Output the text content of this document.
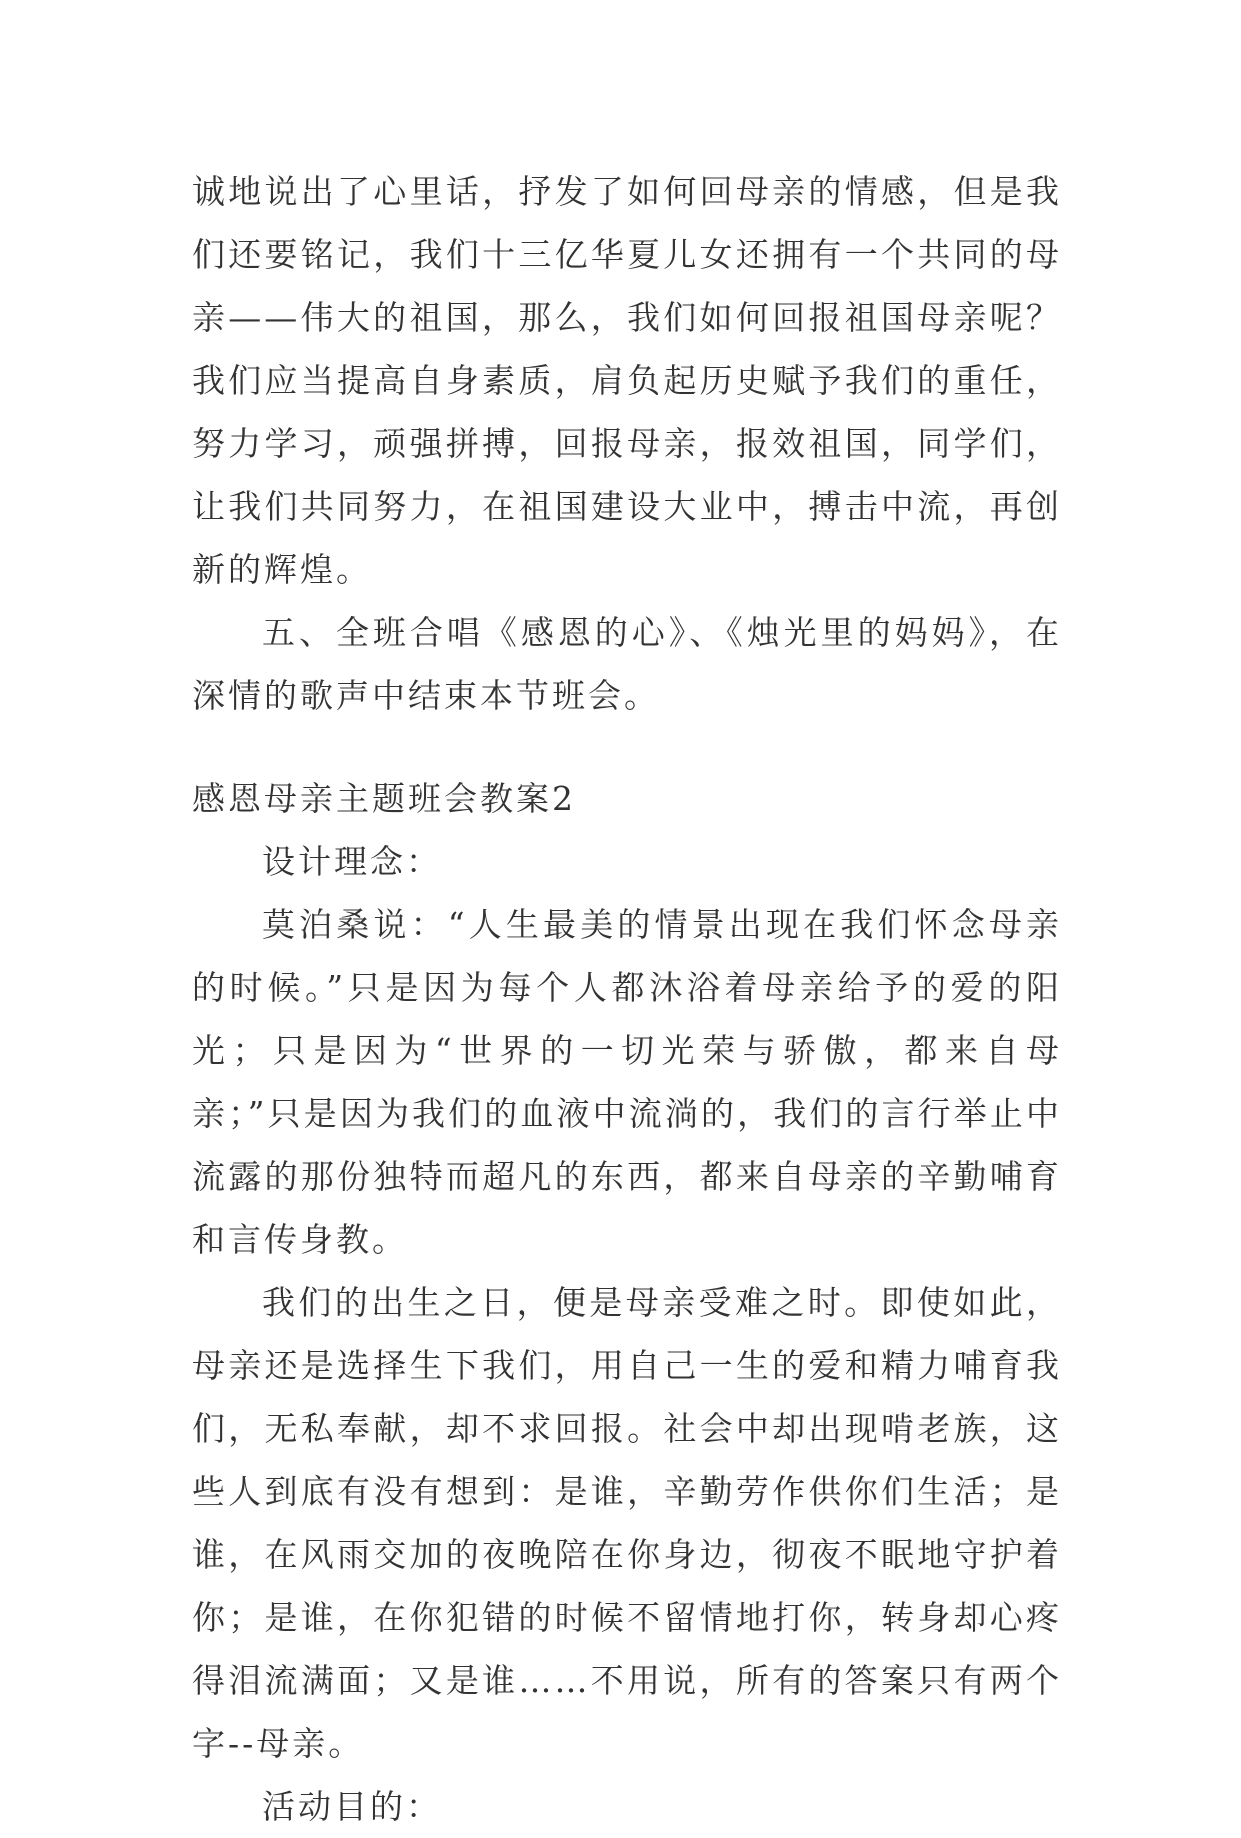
诚地说出了心里话，抒发了如何回母亲的情感，但是我们还要铭记，我们十三亿华夏儿女还拥有一个共同的母亲——伟大的祖国，那么，我们如何回报祖国母亲呢？我们应当提高自身素质，肩负起历史赋予我们的重任，努力学习，顽强拼搏，回报母亲，报效祖国，同学们，让我们共同努力，在祖国建设大业中，搏击中流，再创新的辉煌。

五、全班合唱《感恩的心》、《烛光里的妈妈》，在深情的歌声中结束本节班会。

感恩母亲主题班会教案2

设计理念：

莫泊桑说：“人生最美的情景出现在我们怀念母亲的时候。”只是因为每个人都沐浴着母亲给予的爱的阳光；只是因为“世界的一切光荣与骄傲，都来自母亲；”只是因为我们的血液中流淌的，我们的言行举止中流露的那份独特而超凡的东西，都来自母亲的辛勤哺育和言传身教。

我们的出生之日，便是母亲受难之时。即使如此，母亲还是选择生下我们，用自己一生的爱和精力哺育我们，无私奉献，却不求回报。社会中却出现啃老族，这些人到底有没有想到：是谁，辛勤劳作供你们生活；是谁，在风雨交加的夜晚陪在你身边，彻夜不眠地守护着你；是谁，在你犯错的时候不留情地打你，转身却心疼得泪流满面；又是谁……不用说，所有的答案只有两个字--母亲。

活动目的：
